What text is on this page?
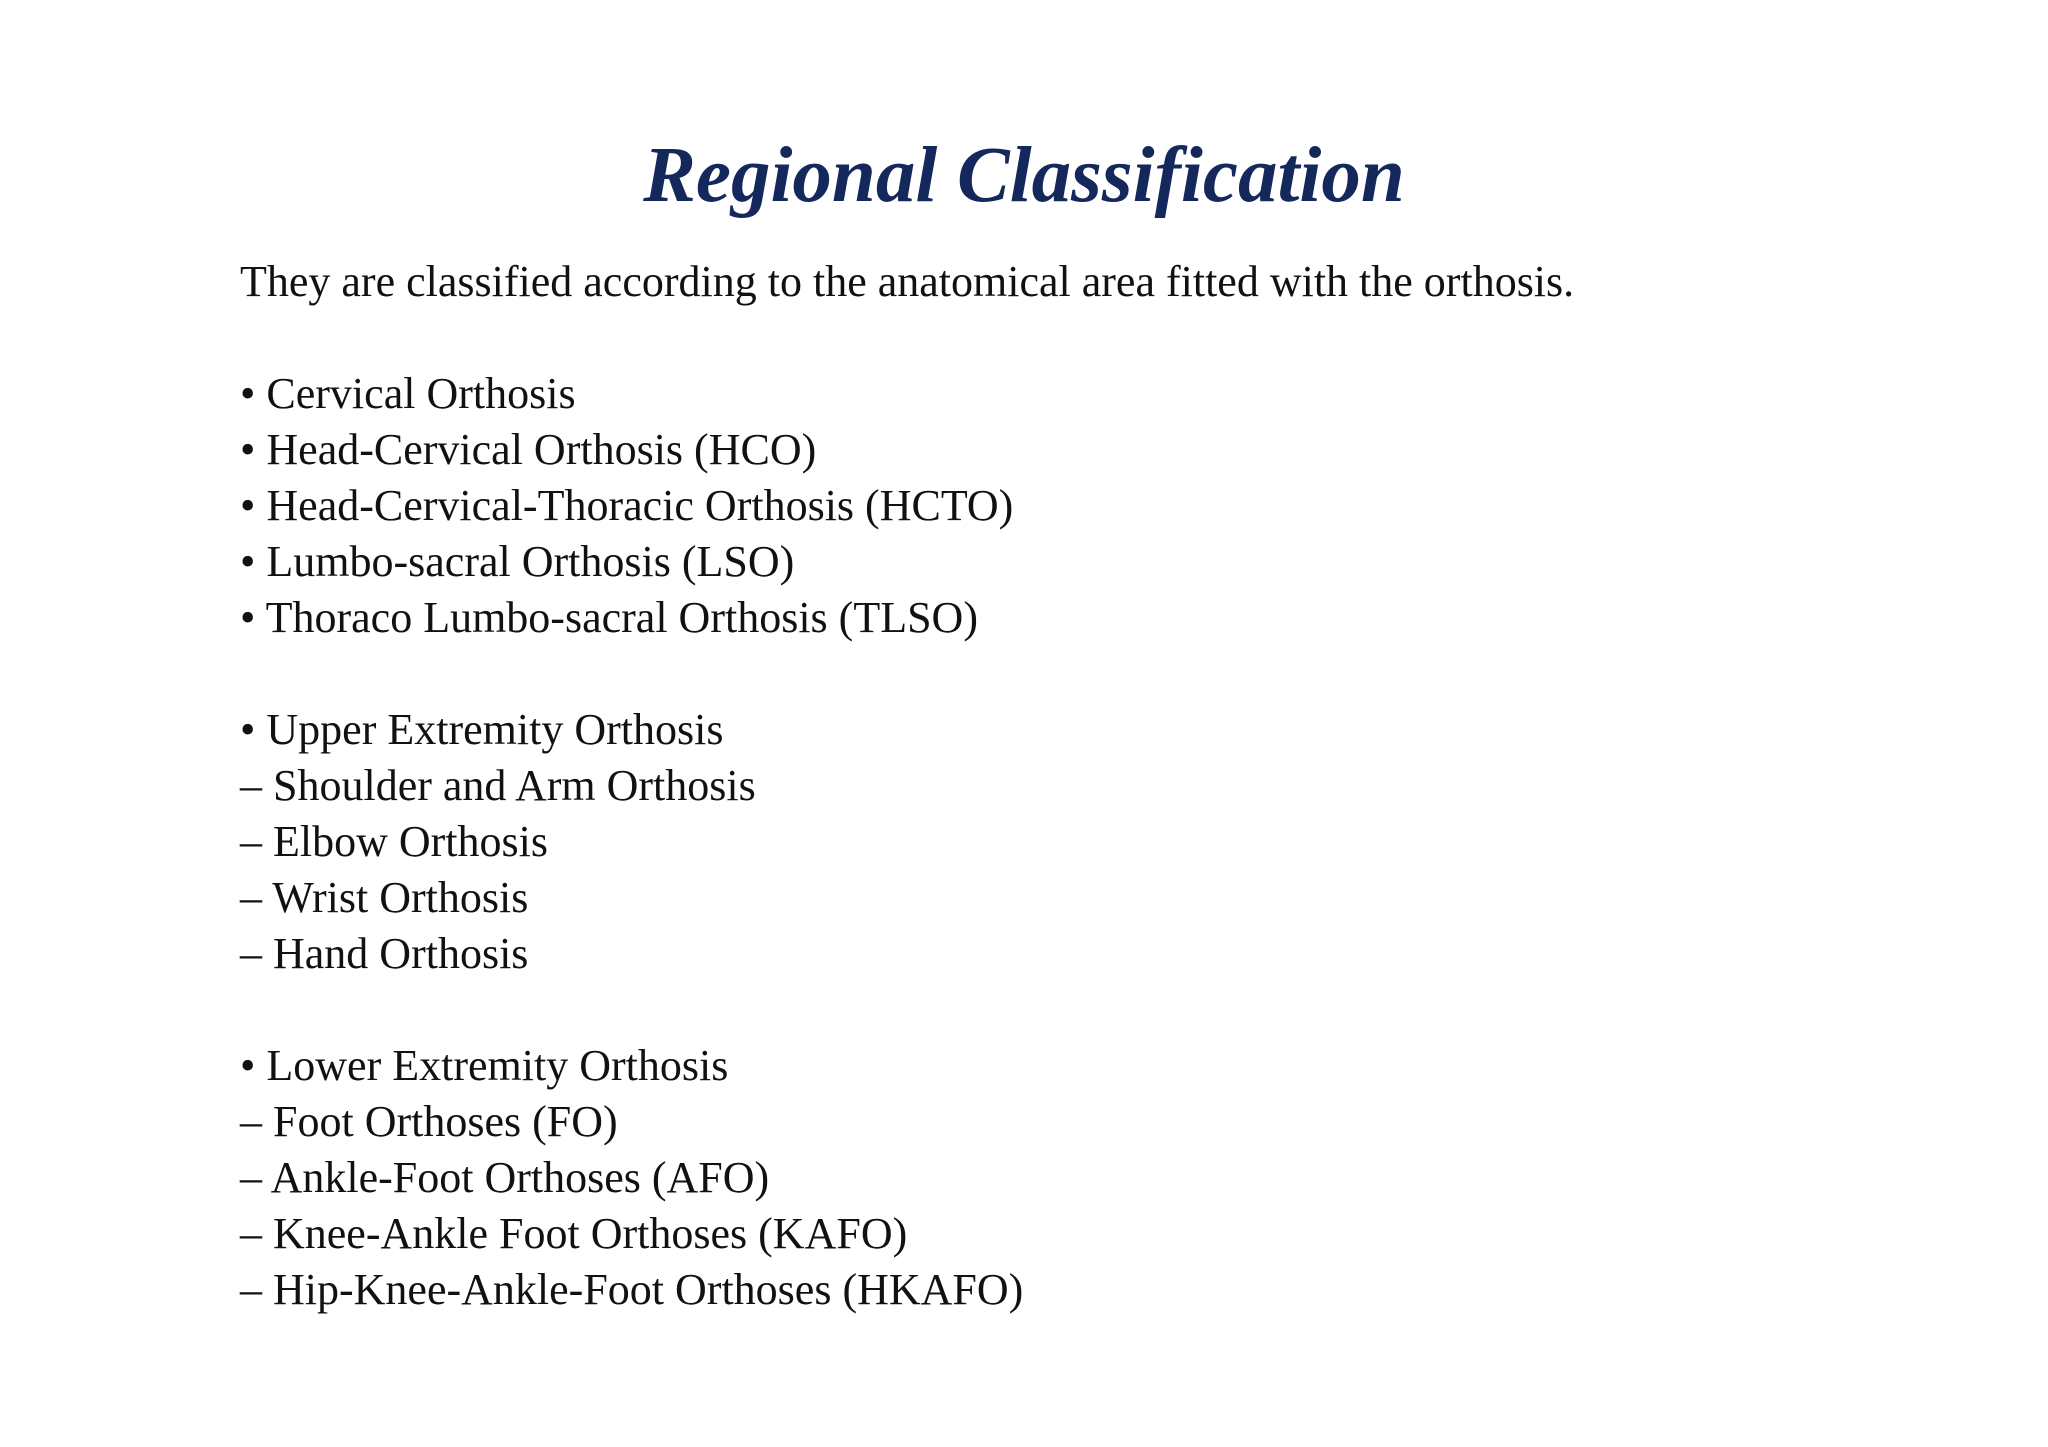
Regional Classification
They are classified according to the anatomical area fitted with the orthosis.
• Cervical Orthosis
• Head-Cervical Orthosis (HCO)
• Head-Cervical-Thoracic Orthosis (HCTO)
• Lumbo-sacral Orthosis (LSO)
• Thoraco Lumbo-sacral Orthosis (TLSO)
• Upper Extremity Orthosis
– Shoulder and Arm Orthosis
– Elbow Orthosis
– Wrist Orthosis
– Hand Orthosis
• Lower Extremity Orthosis
– Foot Orthoses (FO)
– Ankle-Foot Orthoses (AFO)
– Knee-Ankle Foot Orthoses (KAFO)
– Hip-Knee-Ankle-Foot Orthoses (HKAFO)
